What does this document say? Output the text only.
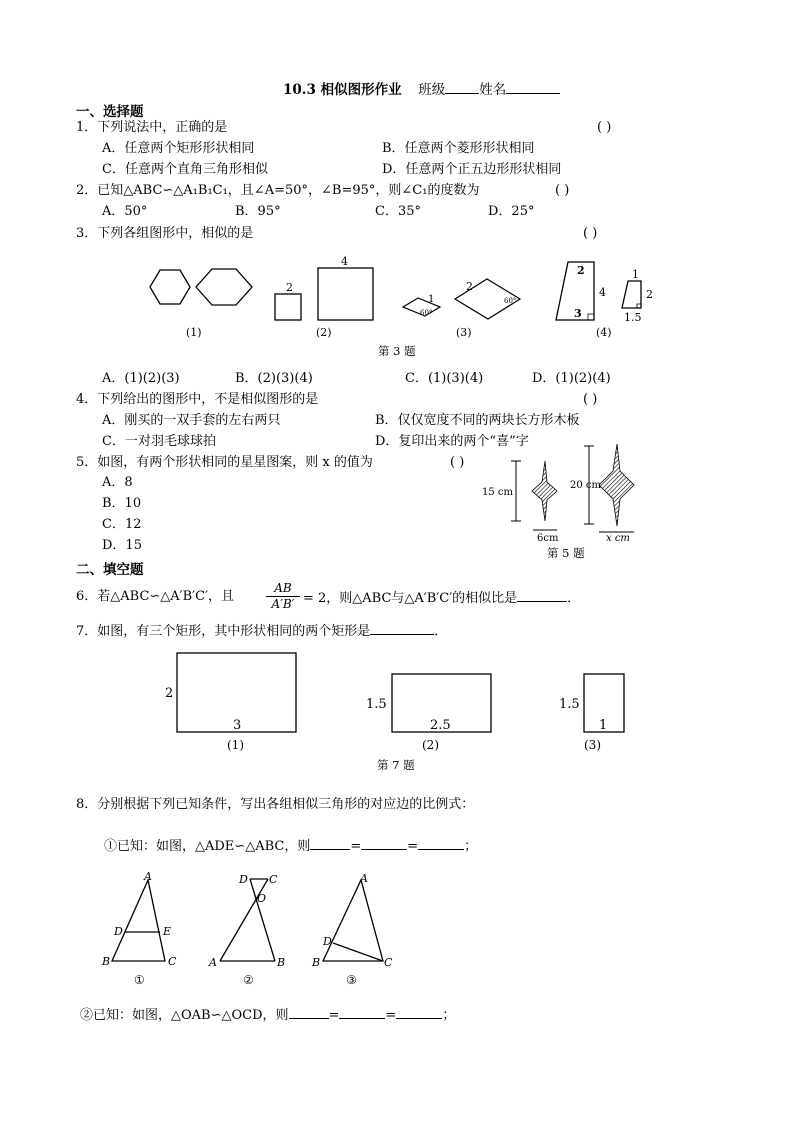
10.3 相似图形作业 班级	姓名
一、选择题
1．下列说法中，正确的是	( )
A．任意两个矩形形状相同	B．任意两个菱形形状相同
C．任意两个直角三角形相似	D．任意两个正五边形形状相同
2．已知△ABC∽△A₁B₁C₁，且∠A=50°，∠B=95°，则∠C₁的度数为	( )
A．50°	B．95°	C．35°	D．25°
3．下列各组图形中，相似的是	( )
(1)
2
4
(2)
1
60°
2
60°
(3)
2
4
3
1
2
1.5
(4)
第 3 题
A．(1)(2)(3)	B．(2)(3)(4)	C．(1)(3)(4)	D．(1)(2)(4)
4．下列给出的图形中，不是相似图形的是	( )
A．刚买的一双手套的左右两只	B．仅仅宽度不同的两块长方形木板
C．一对羽毛球球拍	D．复印出来的两个“喜”字
5．如图，有两个形状相同的星星图案，则 x 的值为	( )
A．8
B．10
C．12
D．15
15 cm
6cm
20 cm
x cm
第 5 题
二、填空题
6．若△ABC∽△A′B′C′，且	$\frac{AB}{A'B'} = 2$，则△ABC与△A′B′C′的相似比是	．
7．如图，有三个矩形，其中形状相同的两个矩形是	．
2
3
(1)
1.5
2.5
(2)
1.5
1
(3)
第 7 题
8．分别根据下列已知条件，写出各组相似三角形的对应边的比例式：
①已知：如图，△ADE∽△ABC，则	=	=	；
A
D	E
B	C
①
D C
O
A	B
②
A
D
B	C
③
②已知：如图，△OAB∽△OCD，则	=	=	；
